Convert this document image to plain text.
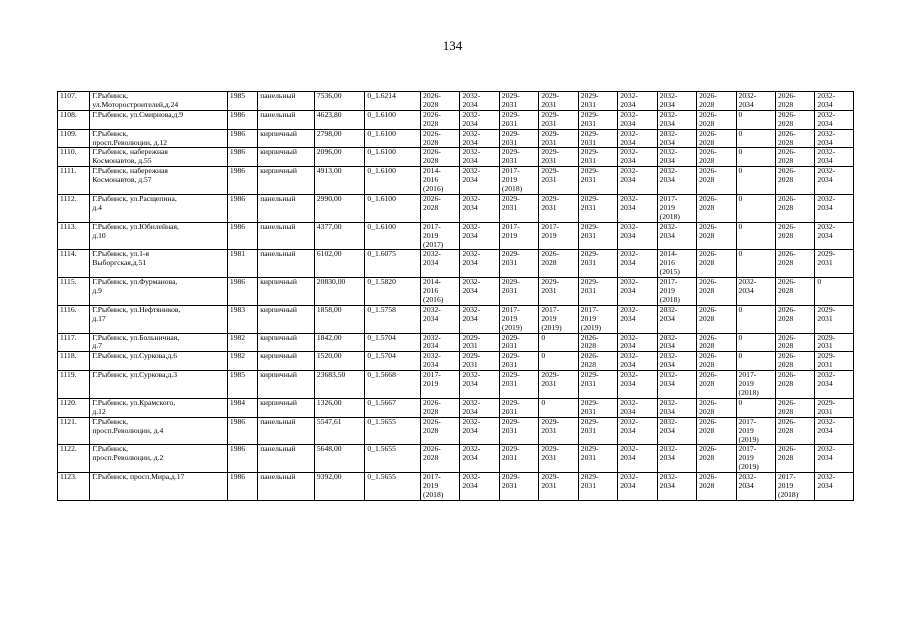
134
1107.	Г.Рыбинск,
ул.Моторостроителей,д.24	1985	панельный	7536,00	0_1.6214	2026-
2028	2032-
2034	2029-
2031	2029-
2031	2029-
2031	2032-
2034	2032-
2034	2026-
2028	2032-
2034	2026-
2028	2032-
2034
1108.	Г.Рыбинск, ул.Смирнова,д.9	1986	панельный	4623,80	0_1.6100	2026-
2028	2032-
2034	2029-
2031	2029-
2031	2029-
2031	2032-
2034	2032-
2034	2026-
2028	0	2026-
2028	2032-
2034
1109.	Г.Рыбинск,
просп.Революции, д.12	1986	кирпичный	2798,00	0_1.6100	2026-
2028	2032-
2034	2029-
2031	2029-
2031	2029-
2031	2032-
2034	2032-
2034	2026-
2028	0	2026-
2028	2032-
2034
1110.	Г.Рыбинск, набережная
Космонавтов, д.55	1986	кирпичный	2096,00	0_1.6100	2026-
2028	2032-
2034	2029-
2031	2029-
2031	2029-
2031	2032-
2034	2032-
2034	2026-
2028	0	2026-
2028	2032-
2034
1111.	Г.Рыбинск, набережная
Космонавтов, д.57	1986	кирпичный	4913,00	0_1.6100	2014-
2016
(2016)	2032-
2034	2017-
2019
(2018)	2029-
2031	2029-
2031	2032-
2034	2032-
2034	2026-
2028	0	2026-
2028	2032-
2034
1112.	Г.Рыбинск, ул.Расщепина,
д.4	1986	панельный	2990,00	0_1.6100	2026-
2028	2032-
2034	2029-
2031	2029-
2031	2029-
2031	2032-
2034	2017-
2019
(2018)	2026-
2028	0	2026-
2028	2032-
2034
1113.	Г.Рыбинск, ул.Юбилейная,
д.10	1986	панельный	4377,00	0_1.6100	2017-
2019
(2017)	2032-
2034	2017-
2019	2017-
2019	2029-
2031	2032-
2034	2032-
2034	2026-
2028	0	2026-
2028	2032-
2034
1114.	Г.Рыбинск, ул.1-я
Выборгская,д.51	1981	панельный	6102,00	0_1.6075	2032-
2034	2032-
2034	2029-
2031	2026-
2028	2029-
2031	2032-
2034	2014-
2016
(2015)	2026-
2028	0	2026-
2028	2029-
2031
1115.	Г.Рыбинск, ул.Фурманова,
д.9	1986	кирпичный	20830,00	0_1.5820	2014-
2016
(2016)	2032-
2034	2029-
2031	2029-
2031	2029-
2031	2032-
2034	2017-
2019
(2018)	2026-
2028	2032-
2034	2026-
2028	0
1116.	Г.Рыбинск, ул.Нефтяников,
д.17	1983	кирпичный	1858,00	0_1.5758	2032-
2034	2032-
2034	2017-
2019
(2019)	2017-
2019
(2019)	2017-
2019
(2019)	2032-
2034	2032-
2034	2026-
2028	0	2026-
2028	2029-
2031
1117.	Г.Рыбинск, ул.Больничная,
д.7	1982	кирпичный	1842,00	0_1.5704	2032-
2034	2029-
2031	2029-
2031	0	2026-
2028	2032-
2034	2032-
2034	2026-
2028	0	2026-
2028	2029-
2031
1118.	Г.Рыбинск, ул.Суркова,д.6	1982	кирпичный	1520,00	0_1.5704	2032-
2034	2029-
2031	2029-
2031	0	2026-
2028	2032-
2034	2032-
2034	2026-
2028	0	2026-
2028	2029-
2031
1119.	Г.Рыбинск, ул.Суркова,д.3	1985	кирпичный	23683,50	0_1.5668	2017-
2019	2032-
2034	2029-
2031	2029-
2031	2029-
2031	2032-
2034	2032-
2034	2026-
2028	2017-
2019
(2018)	2026-
2028	2032-
2034
1120.	Г.Рыбинск, ул.Крамского,
д.12	1984	кирпичный	1326,00	0_1.5667	2026-
2028	2032-
2034	2029-
2031	0	2029-
2031	2032-
2034	2032-
2034	2026-
2028	0	2026-
2028	2029-
2031
1121.	Г.Рыбинск,
просп.Революции, д.4	1986	панельный	5547,61	0_1.5655	2026-
2028	2032-
2034	2029-
2031	2029-
2031	2029-
2031	2032-
2034	2032-
2034	2026-
2028	2017-
2019
(2019)	2026-
2028	2032-
2034
1122.	Г.Рыбинск,
просп.Революции, д.2	1986	панельный	5648,00	0_1.5655	2026-
2028	2032-
2034	2029-
2031	2029-
2031	2029-
2031	2032-
2034	2032-
2034	2026-
2028	2017-
2019
(2019)	2026-
2028	2032-
2034
1123.	Г.Рыбинск, просп.Мира,д.17	1986	панельный	9392,00	0_1.5655	2017-
2019
(2018)	2032-
2034	2029-
2031	2029-
2031	2029-
2031	2032-
2034	2032-
2034	2026-
2028	2032-
2034	2017-
2019
(2018)	2032-
2034
